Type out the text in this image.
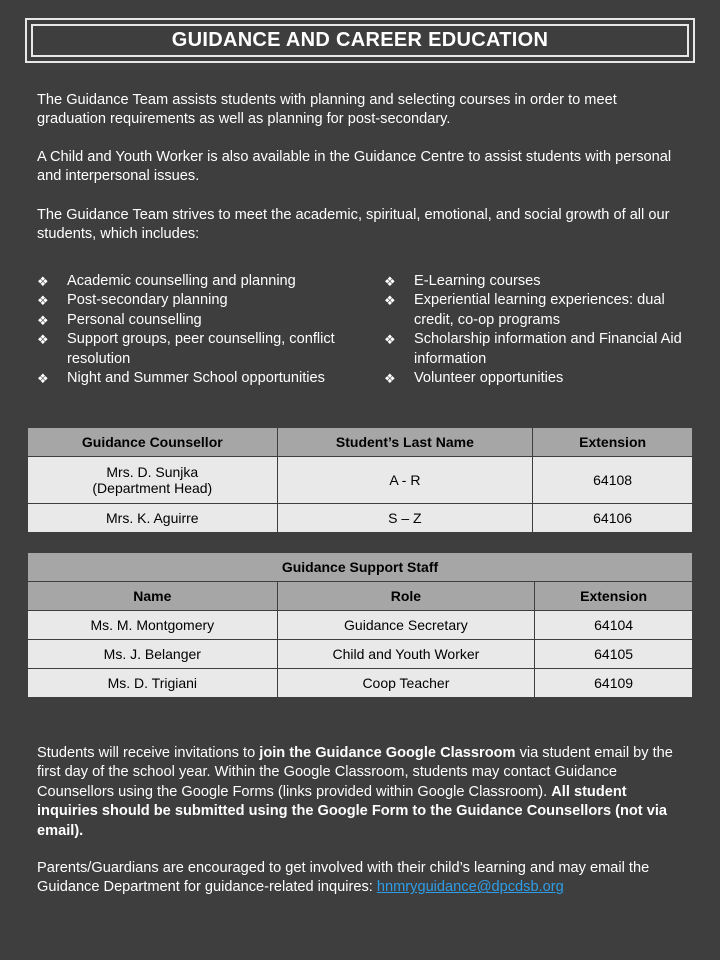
GUIDANCE AND CAREER EDUCATION

The Guidance Team assists students with planning and selecting courses in order to meet graduation requirements as well as planning for post-secondary.

A Child and Youth Worker is also available in the Guidance Centre to assist students with personal and interpersonal issues.

The Guidance Team strives to meet the academic, spiritual, emotional, and social growth of all our students, which includes:

❖ Academic counselling and planning
❖ Post-secondary planning
❖ Personal counselling
❖ Support groups, peer counselling, conflict resolution
❖ Night and Summer School opportunities
❖ E-Learning courses
❖ Experiential learning experiences: dual credit, co-op programs
❖ Scholarship information and Financial Aid information
❖ Volunteer opportunities
Guidance Counsellor	Student’s Last Name	Extension
Mrs. D. Sunjka
(Department Head)	A - R	64108
Mrs. K. Aguirre	S – Z	64106
Guidance Support Staff		
Name	Role	Extension
Ms. M. Montgomery	Guidance Secretary	64104
Ms. J. Belanger	Child and Youth Worker	64105
Ms. D. Trigiani	Coop Teacher	64109

Students will receive invitations to join the Guidance Google Classroom via student email by the first day of the school year. Within the Google Classroom, students may contact Guidance Counsellors using the Google Forms (links provided within Google Classroom). All student inquiries should be submitted using the Google Form to the Guidance Counsellors (not via email).

Parents/Guardians are encouraged to get involved with their child’s learning and may email the Guidance Department for guidance-related inquires: hnmryguidance@dpcdsb.org
